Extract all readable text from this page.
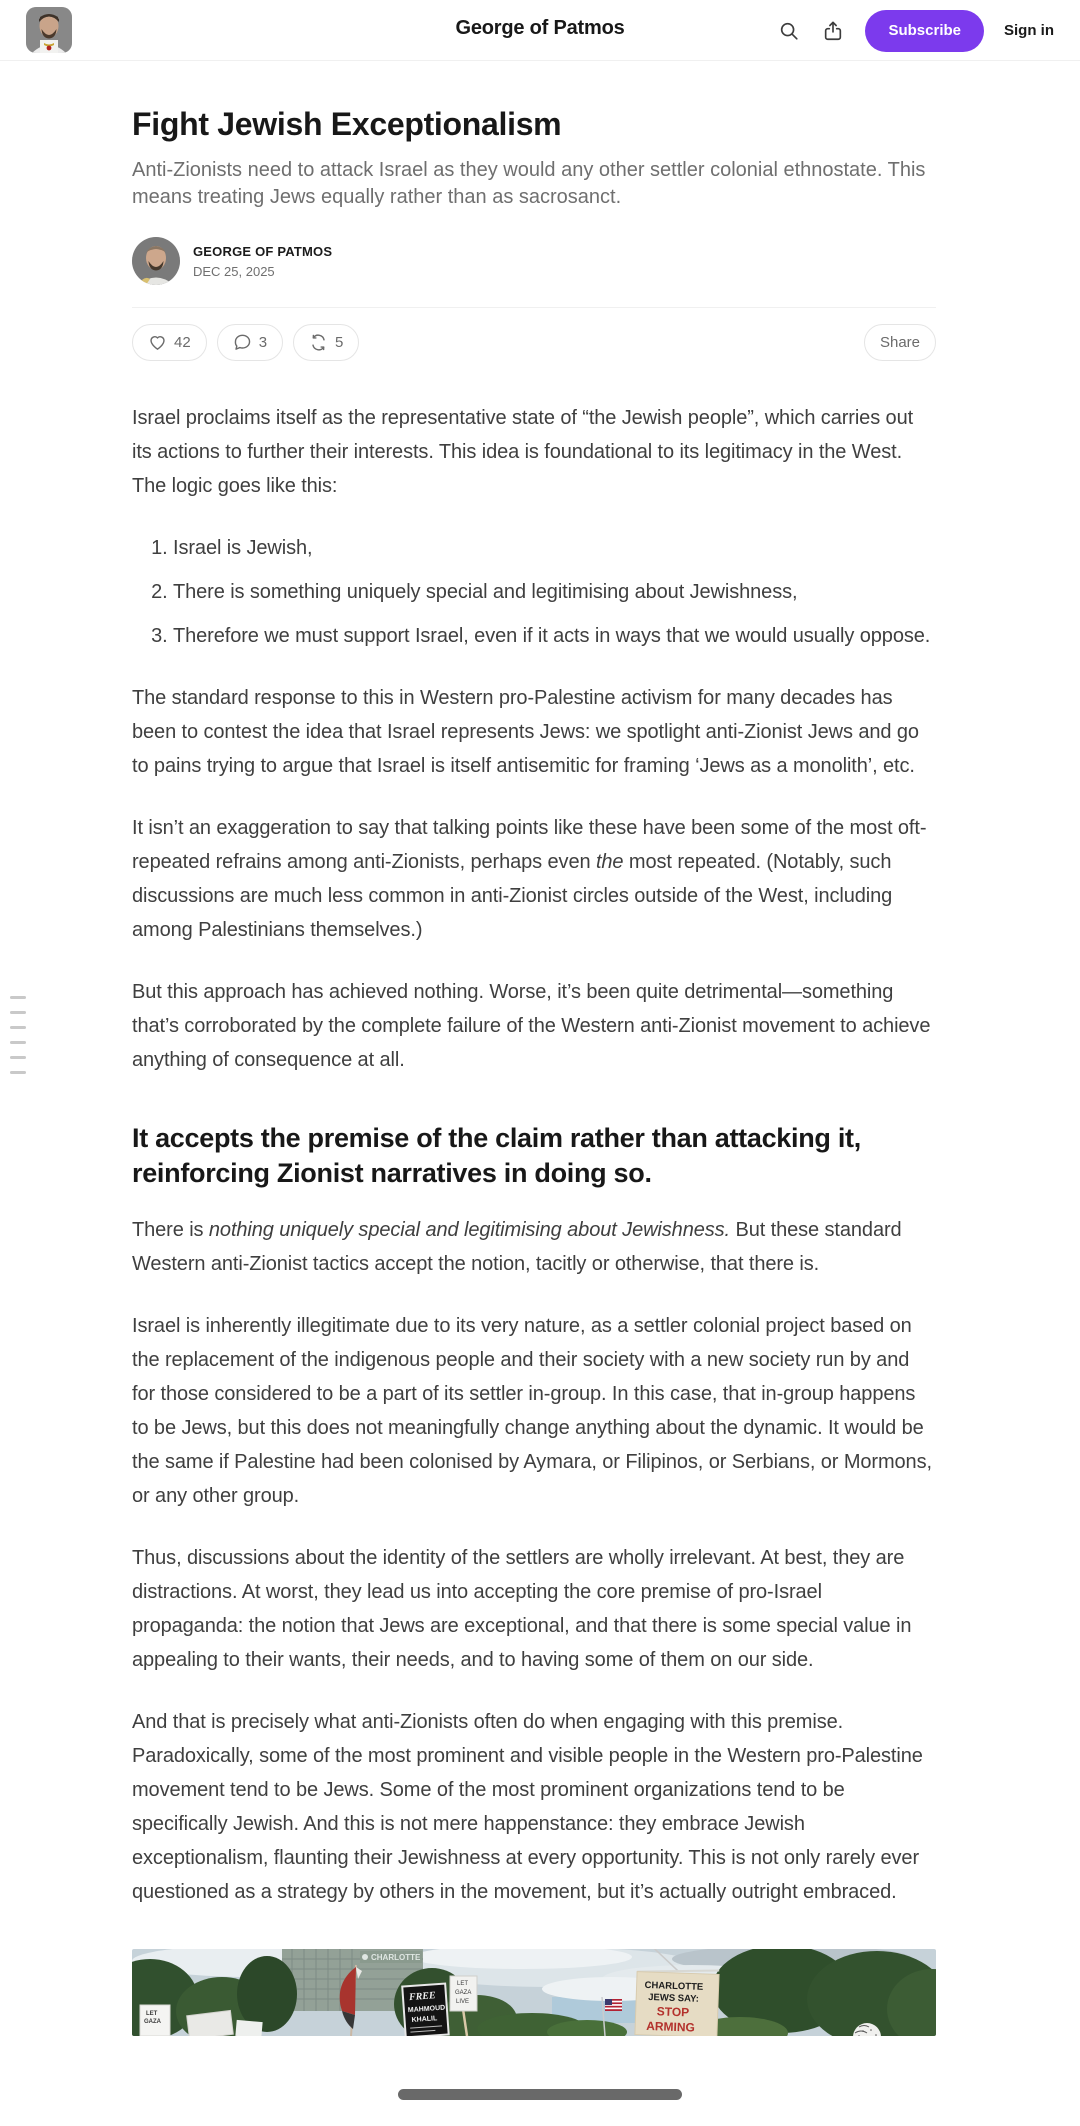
George of Patmos	Subscribe	Sign in
Fight Jewish Exceptionalism
Anti-Zionists need to attack Israel as they would any other settler colonial ethnostate. This means treating Jews equally rather than as sacrosanct.
GEORGE OF PATMOS
DEC 25, 2025
42	3	5	Share

Israel proclaims itself as the representative state of “the Jewish people”, which carries out its actions to further their interests. This idea is foundational to its legitimacy in the West. The logic goes like this:

1. Israel is Jewish,
2. There is something uniquely special and legitimising about Jewishness,
3. Therefore we must support Israel, even if it acts in ways that we would usually oppose.

The standard response to this in Western pro-Palestine activism for many decades has been to contest the idea that Israel represents Jews: we spotlight anti-Zionist Jews and go to pains trying to argue that Israel is itself antisemitic for framing ‘Jews as a monolith’, etc.

It isn’t an exaggeration to say that talking points like these have been some of the most oft-repeated refrains among anti-Zionists, perhaps even the most repeated. (Notably, such discussions are much less common in anti-Zionist circles outside of the West, including among Palestinians themselves.)

But this approach has achieved nothing. Worse, it’s been quite detrimental—something that’s corroborated by the complete failure of the Western anti-Zionist movement to achieve anything of consequence at all.

It accepts the premise of the claim rather than attacking it, reinforcing Zionist narratives in doing so.

There is nothing uniquely special and legitimising about Jewishness. But these standard Western anti-Zionist tactics accept the notion, tacitly or otherwise, that there is.

Israel is inherently illegitimate due to its very nature, as a settler colonial project based on the replacement of the indigenous people and their society with a new society run by and for those considered to be a part of its settler in-group. In this case, that in-group happens to be Jews, but this does not meaningfully change anything about the dynamic. It would be the same if Palestine had been colonised by Aymara, or Filipinos, or Serbians, or Mormons, or any other group.

Thus, discussions about the identity of the settlers are wholly irrelevant. At best, they are distractions. At worst, they lead us into accepting the core premise of pro-Israel propaganda: the notion that Jews are exceptional, and that there is some special value in appealing to their wants, their needs, and to having some of them on our side.

And that is precisely what anti-Zionists often do when engaging with this premise. Paradoxically, some of the most prominent and visible people in the Western pro-Palestine movement tend to be Jews. Some of the most prominent organizations tend to be specifically Jewish. And this is not mere happenstance: they embrace Jewish exceptionalism, flaunting their Jewishness at every opportunity. This is not only rarely ever questioned as a strategy by others in the movement, but it’s actually outright embraced.

CHARLOTTE
LET
GAZA
FREE
MAHMOUD
KHALIL
LET
GAZA
LIVE
CHARLOTTE
JEWS SAY:
STOP
ARMING
